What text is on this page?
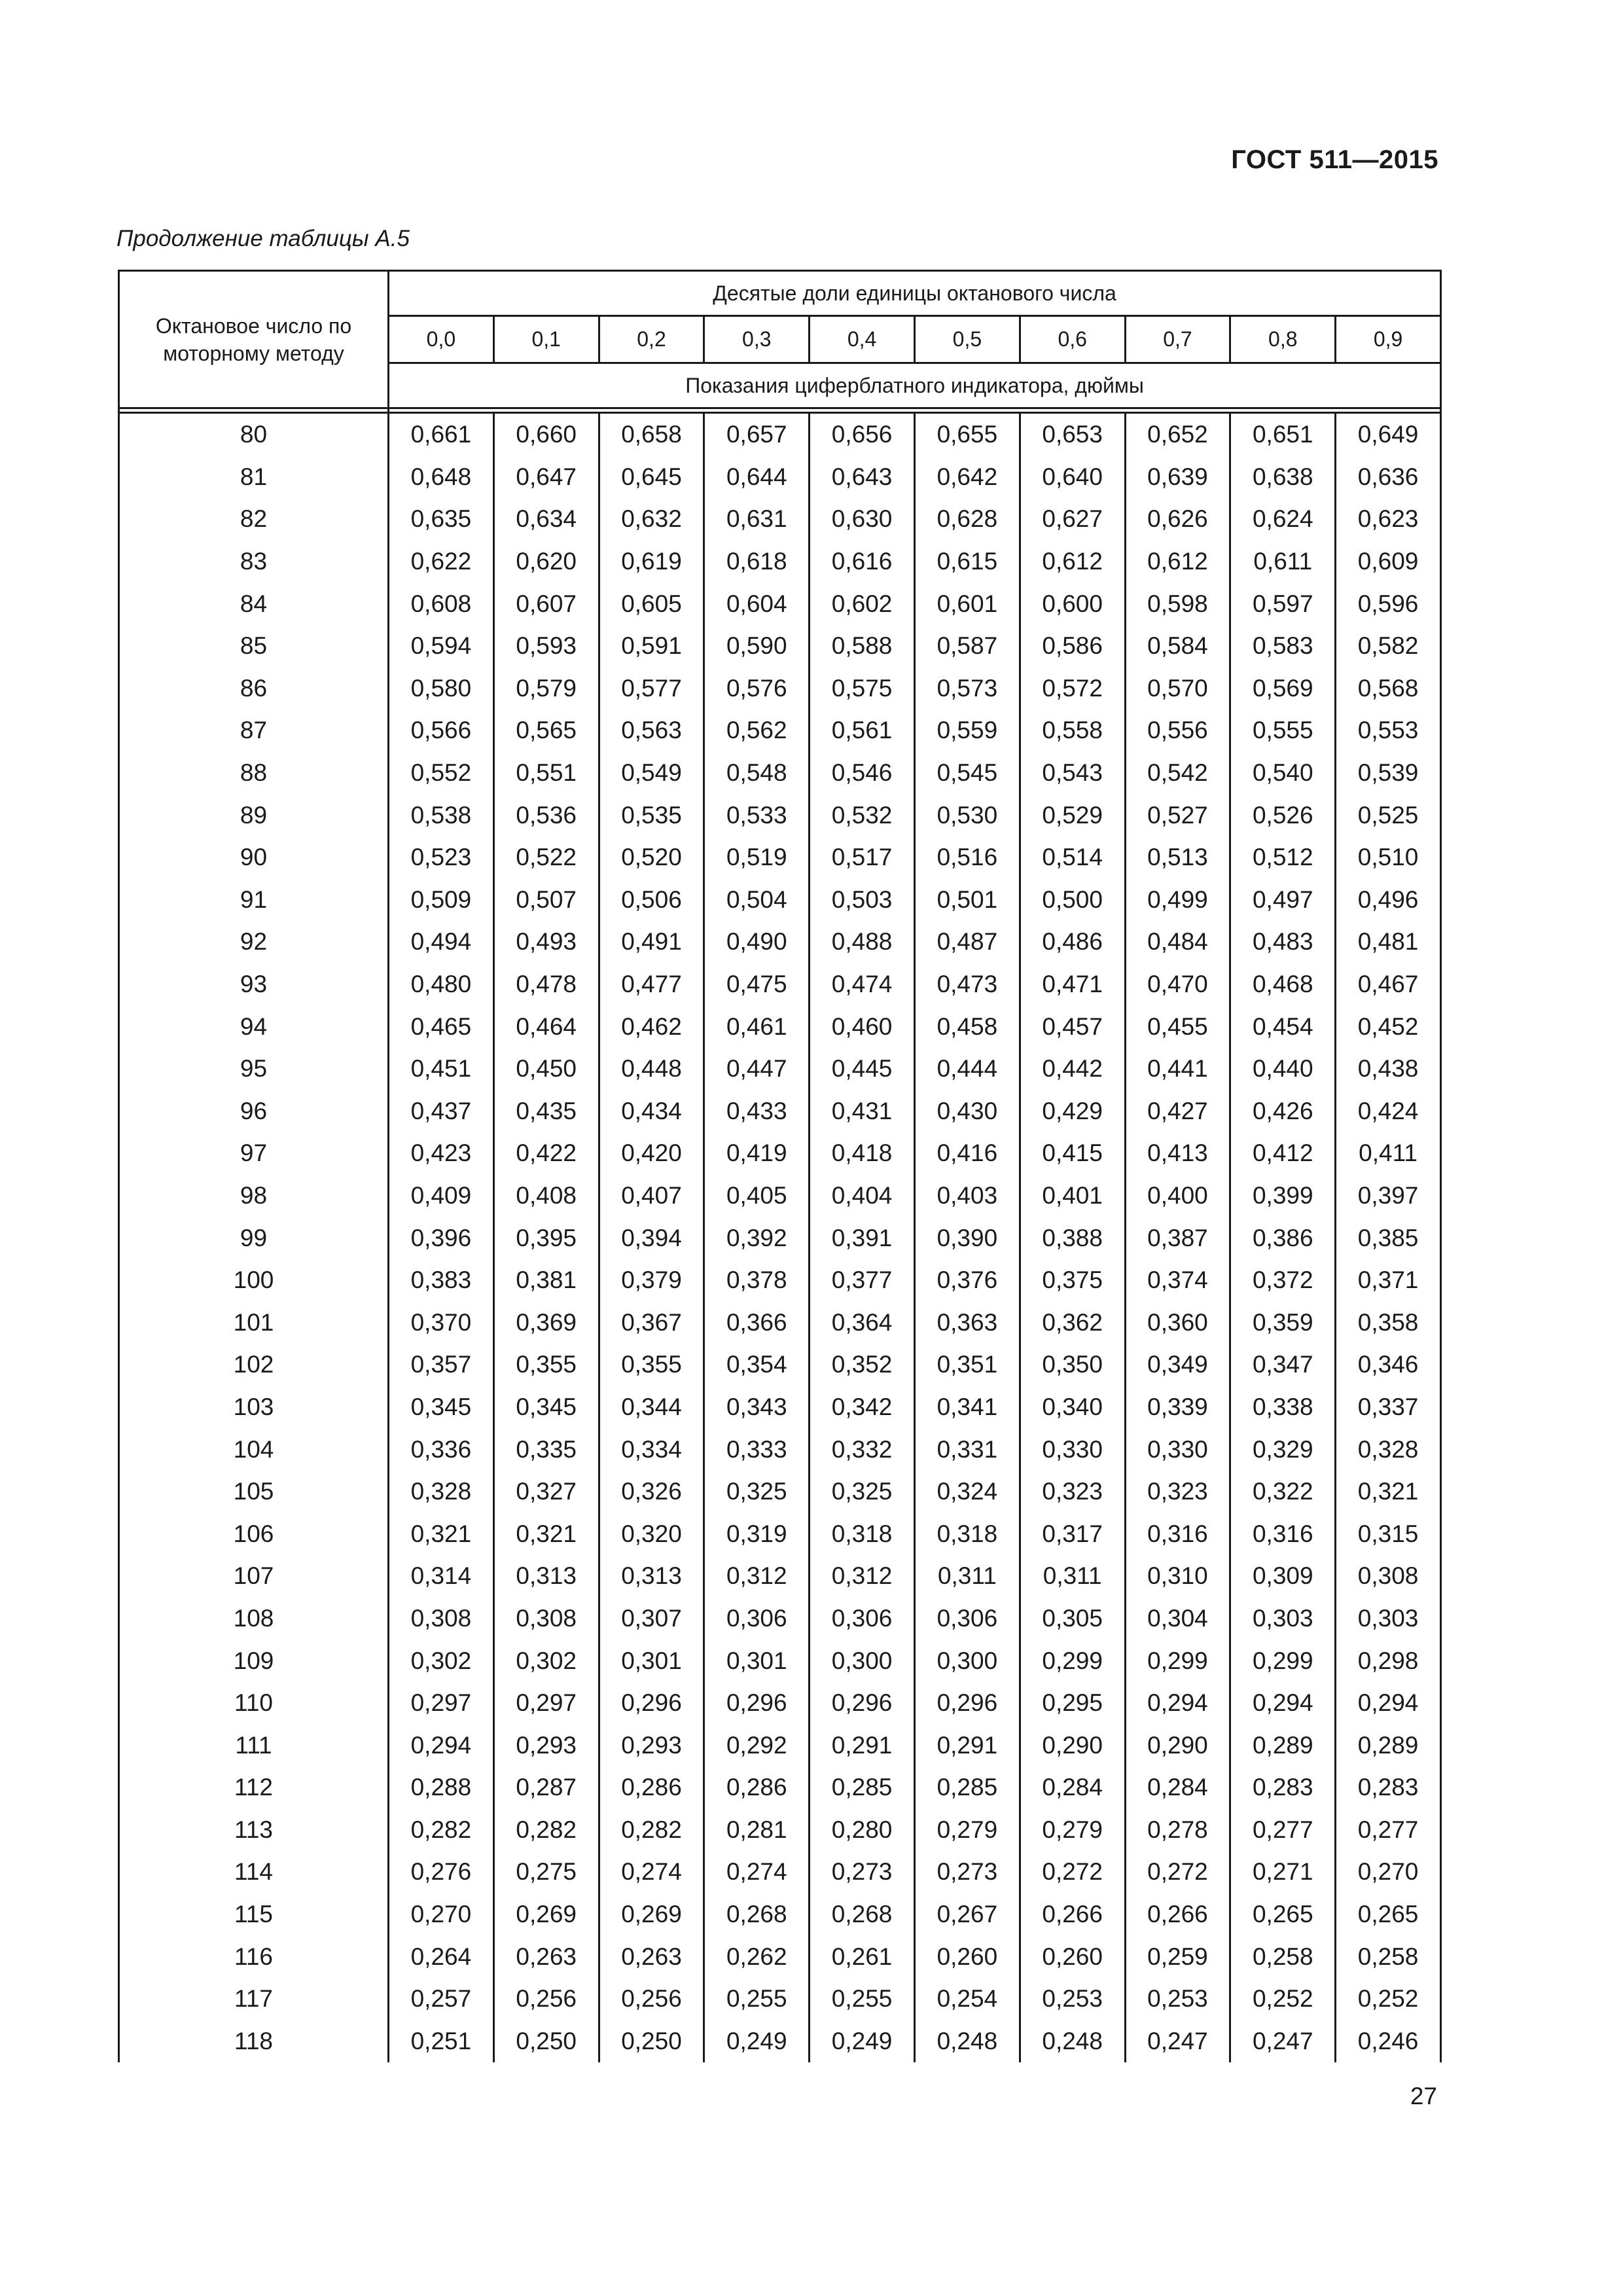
ГОСТ 511—2015
Продолжение таблицы А.5
Октановое число по моторному методу	Десятые доли единицы октанового числа									
	0,0	0,1	0,2	0,3	0,4	0,5	0,6	0,7	0,8	0,9
	Показания циферблатного индикатора, дюймы									

80	0,661	0,660	0,658	0,657	0,656	0,655	0,653	0,652	0,651	0,649
81	0,648	0,647	0,645	0,644	0,643	0,642	0,640	0,639	0,638	0,636
82	0,635	0,634	0,632	0,631	0,630	0,628	0,627	0,626	0,624	0,623
83	0,622	0,620	0,619	0,618	0,616	0,615	0,612	0,612	0,611	0,609
84	0,608	0,607	0,605	0,604	0,602	0,601	0,600	0,598	0,597	0,596
85	0,594	0,593	0,591	0,590	0,588	0,587	0,586	0,584	0,583	0,582
86	0,580	0,579	0,577	0,576	0,575	0,573	0,572	0,570	0,569	0,568
87	0,566	0,565	0,563	0,562	0,561	0,559	0,558	0,556	0,555	0,553
88	0,552	0,551	0,549	0,548	0,546	0,545	0,543	0,542	0,540	0,539
89	0,538	0,536	0,535	0,533	0,532	0,530	0,529	0,527	0,526	0,525
90	0,523	0,522	0,520	0,519	0,517	0,516	0,514	0,513	0,512	0,510
91	0,509	0,507	0,506	0,504	0,503	0,501	0,500	0,499	0,497	0,496
92	0,494	0,493	0,491	0,490	0,488	0,487	0,486	0,484	0,483	0,481
93	0,480	0,478	0,477	0,475	0,474	0,473	0,471	0,470	0,468	0,467
94	0,465	0,464	0,462	0,461	0,460	0,458	0,457	0,455	0,454	0,452
95	0,451	0,450	0,448	0,447	0,445	0,444	0,442	0,441	0,440	0,438
96	0,437	0,435	0,434	0,433	0,431	0,430	0,429	0,427	0,426	0,424
97	0,423	0,422	0,420	0,419	0,418	0,416	0,415	0,413	0,412	0,411
98	0,409	0,408	0,407	0,405	0,404	0,403	0,401	0,400	0,399	0,397
99	0,396	0,395	0,394	0,392	0,391	0,390	0,388	0,387	0,386	0,385
100	0,383	0,381	0,379	0,378	0,377	0,376	0,375	0,374	0,372	0,371
101	0,370	0,369	0,367	0,366	0,364	0,363	0,362	0,360	0,359	0,358
102	0,357	0,355	0,355	0,354	0,352	0,351	0,350	0,349	0,347	0,346
103	0,345	0,345	0,344	0,343	0,342	0,341	0,340	0,339	0,338	0,337
104	0,336	0,335	0,334	0,333	0,332	0,331	0,330	0,330	0,329	0,328
105	0,328	0,327	0,326	0,325	0,325	0,324	0,323	0,323	0,322	0,321
106	0,321	0,321	0,320	0,319	0,318	0,318	0,317	0,316	0,316	0,315
107	0,314	0,313	0,313	0,312	0,312	0,311	0,311	0,310	0,309	0,308
108	0,308	0,308	0,307	0,306	0,306	0,306	0,305	0,304	0,303	0,303
109	0,302	0,302	0,301	0,301	0,300	0,300	0,299	0,299	0,299	0,298
110	0,297	0,297	0,296	0,296	0,296	0,296	0,295	0,294	0,294	0,294
111	0,294	0,293	0,293	0,292	0,291	0,291	0,290	0,290	0,289	0,289
112	0,288	0,287	0,286	0,286	0,285	0,285	0,284	0,284	0,283	0,283
113	0,282	0,282	0,282	0,281	0,280	0,279	0,279	0,278	0,277	0,277
114	0,276	0,275	0,274	0,274	0,273	0,273	0,272	0,272	0,271	0,270
115	0,270	0,269	0,269	0,268	0,268	0,267	0,266	0,266	0,265	0,265
116	0,264	0,263	0,263	0,262	0,261	0,260	0,260	0,259	0,258	0,258
117	0,257	0,256	0,256	0,255	0,255	0,254	0,253	0,253	0,252	0,252
118	0,251	0,250	0,250	0,249	0,249	0,248	0,248	0,247	0,247	0,246
27
